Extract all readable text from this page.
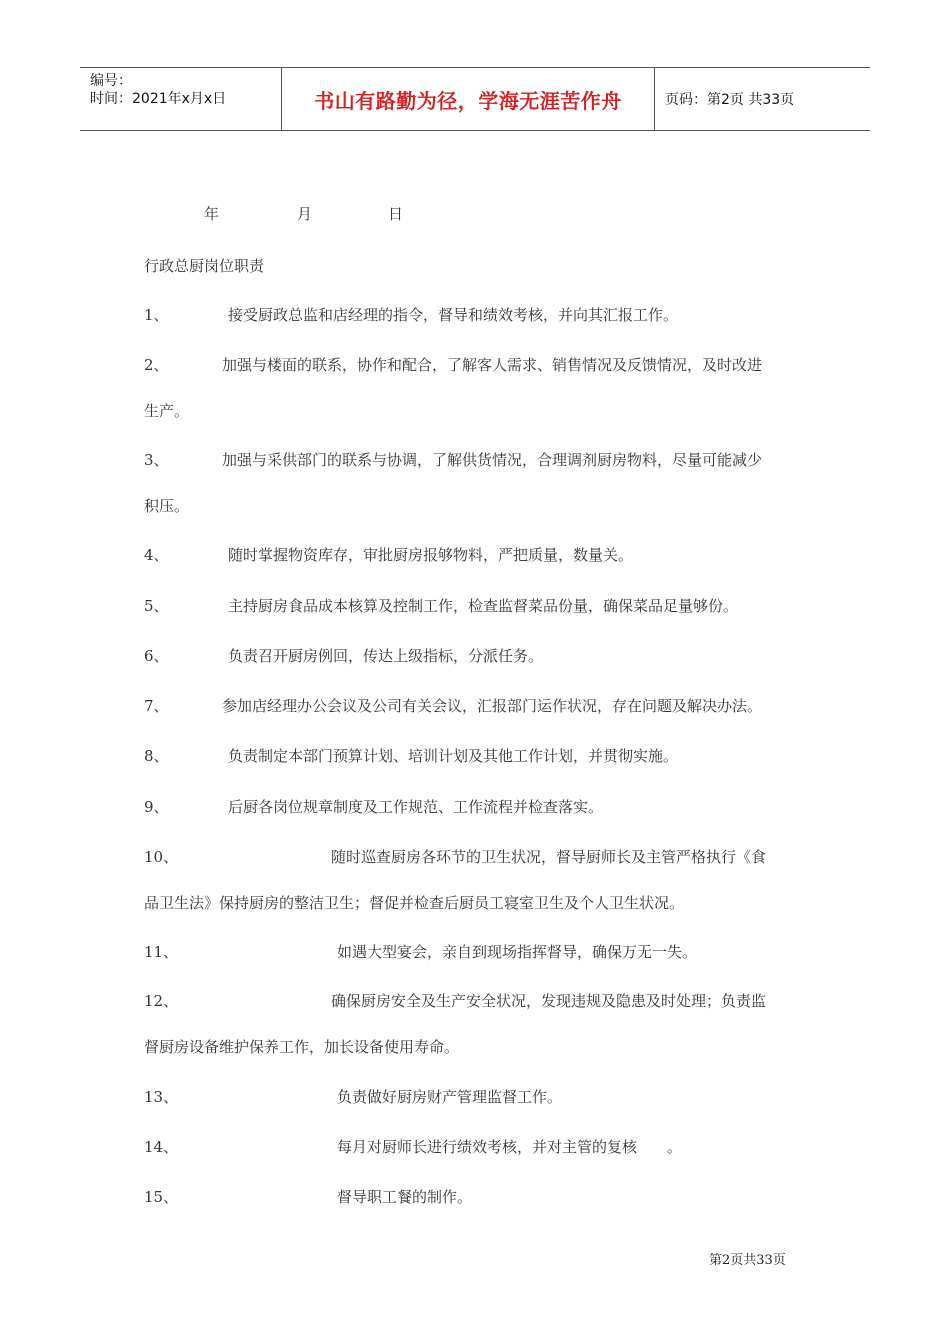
编号：
时间：2021年x月x日	书山有路勤为径，学海无涯苦作舟	页码：第2页 共33页
年	月	日
行政总厨岗位职责
1、	接受厨政总监和店经理的指令，督导和绩效考核，并向其汇报工作。
2、	加强与楼面的联系，协作和配合，了解客人需求、销售情况及反馈情况，及时改进
生产。
3、	加强与采供部门的联系与协调，了解供货情况，合理调剂厨房物料，尽量可能减少
积压。
4、	随时掌握物资库存，审批厨房报够物料，严把质量，数量关。
5、	主持厨房食品成本核算及控制工作，检查监督菜品份量，确保菜品足量够份。
6、	负责召开厨房例回，传达上级指标，分派任务。
7、	参加店经理办公会议及公司有关会议，汇报部门运作状况，存在问题及解决办法。
8、	负责制定本部门预算计划、培训计划及其他工作计划，并贯彻实施。
9、	后厨各岗位规章制度及工作规范、工作流程并检查落实。
10、	随时巡查厨房各环节的卫生状况，督导厨师长及主管严格执行《食
品卫生法》保持厨房的整洁卫生；督促并检查后厨员工寝室卫生及个人卫生状况。
11、	如遇大型宴会，亲自到现场指挥督导，确保万无一失。
12、	确保厨房安全及生产安全状况，发现违规及隐患及时处理；负责监
督厨房设备维护保养工作，加长设备使用寿命。
13、	负责做好厨房财产管理监督工作。
14、	每月对厨师长进行绩效考核，并对主管的复核　　。
15、	督导职工餐的制作。
第2页共33页
